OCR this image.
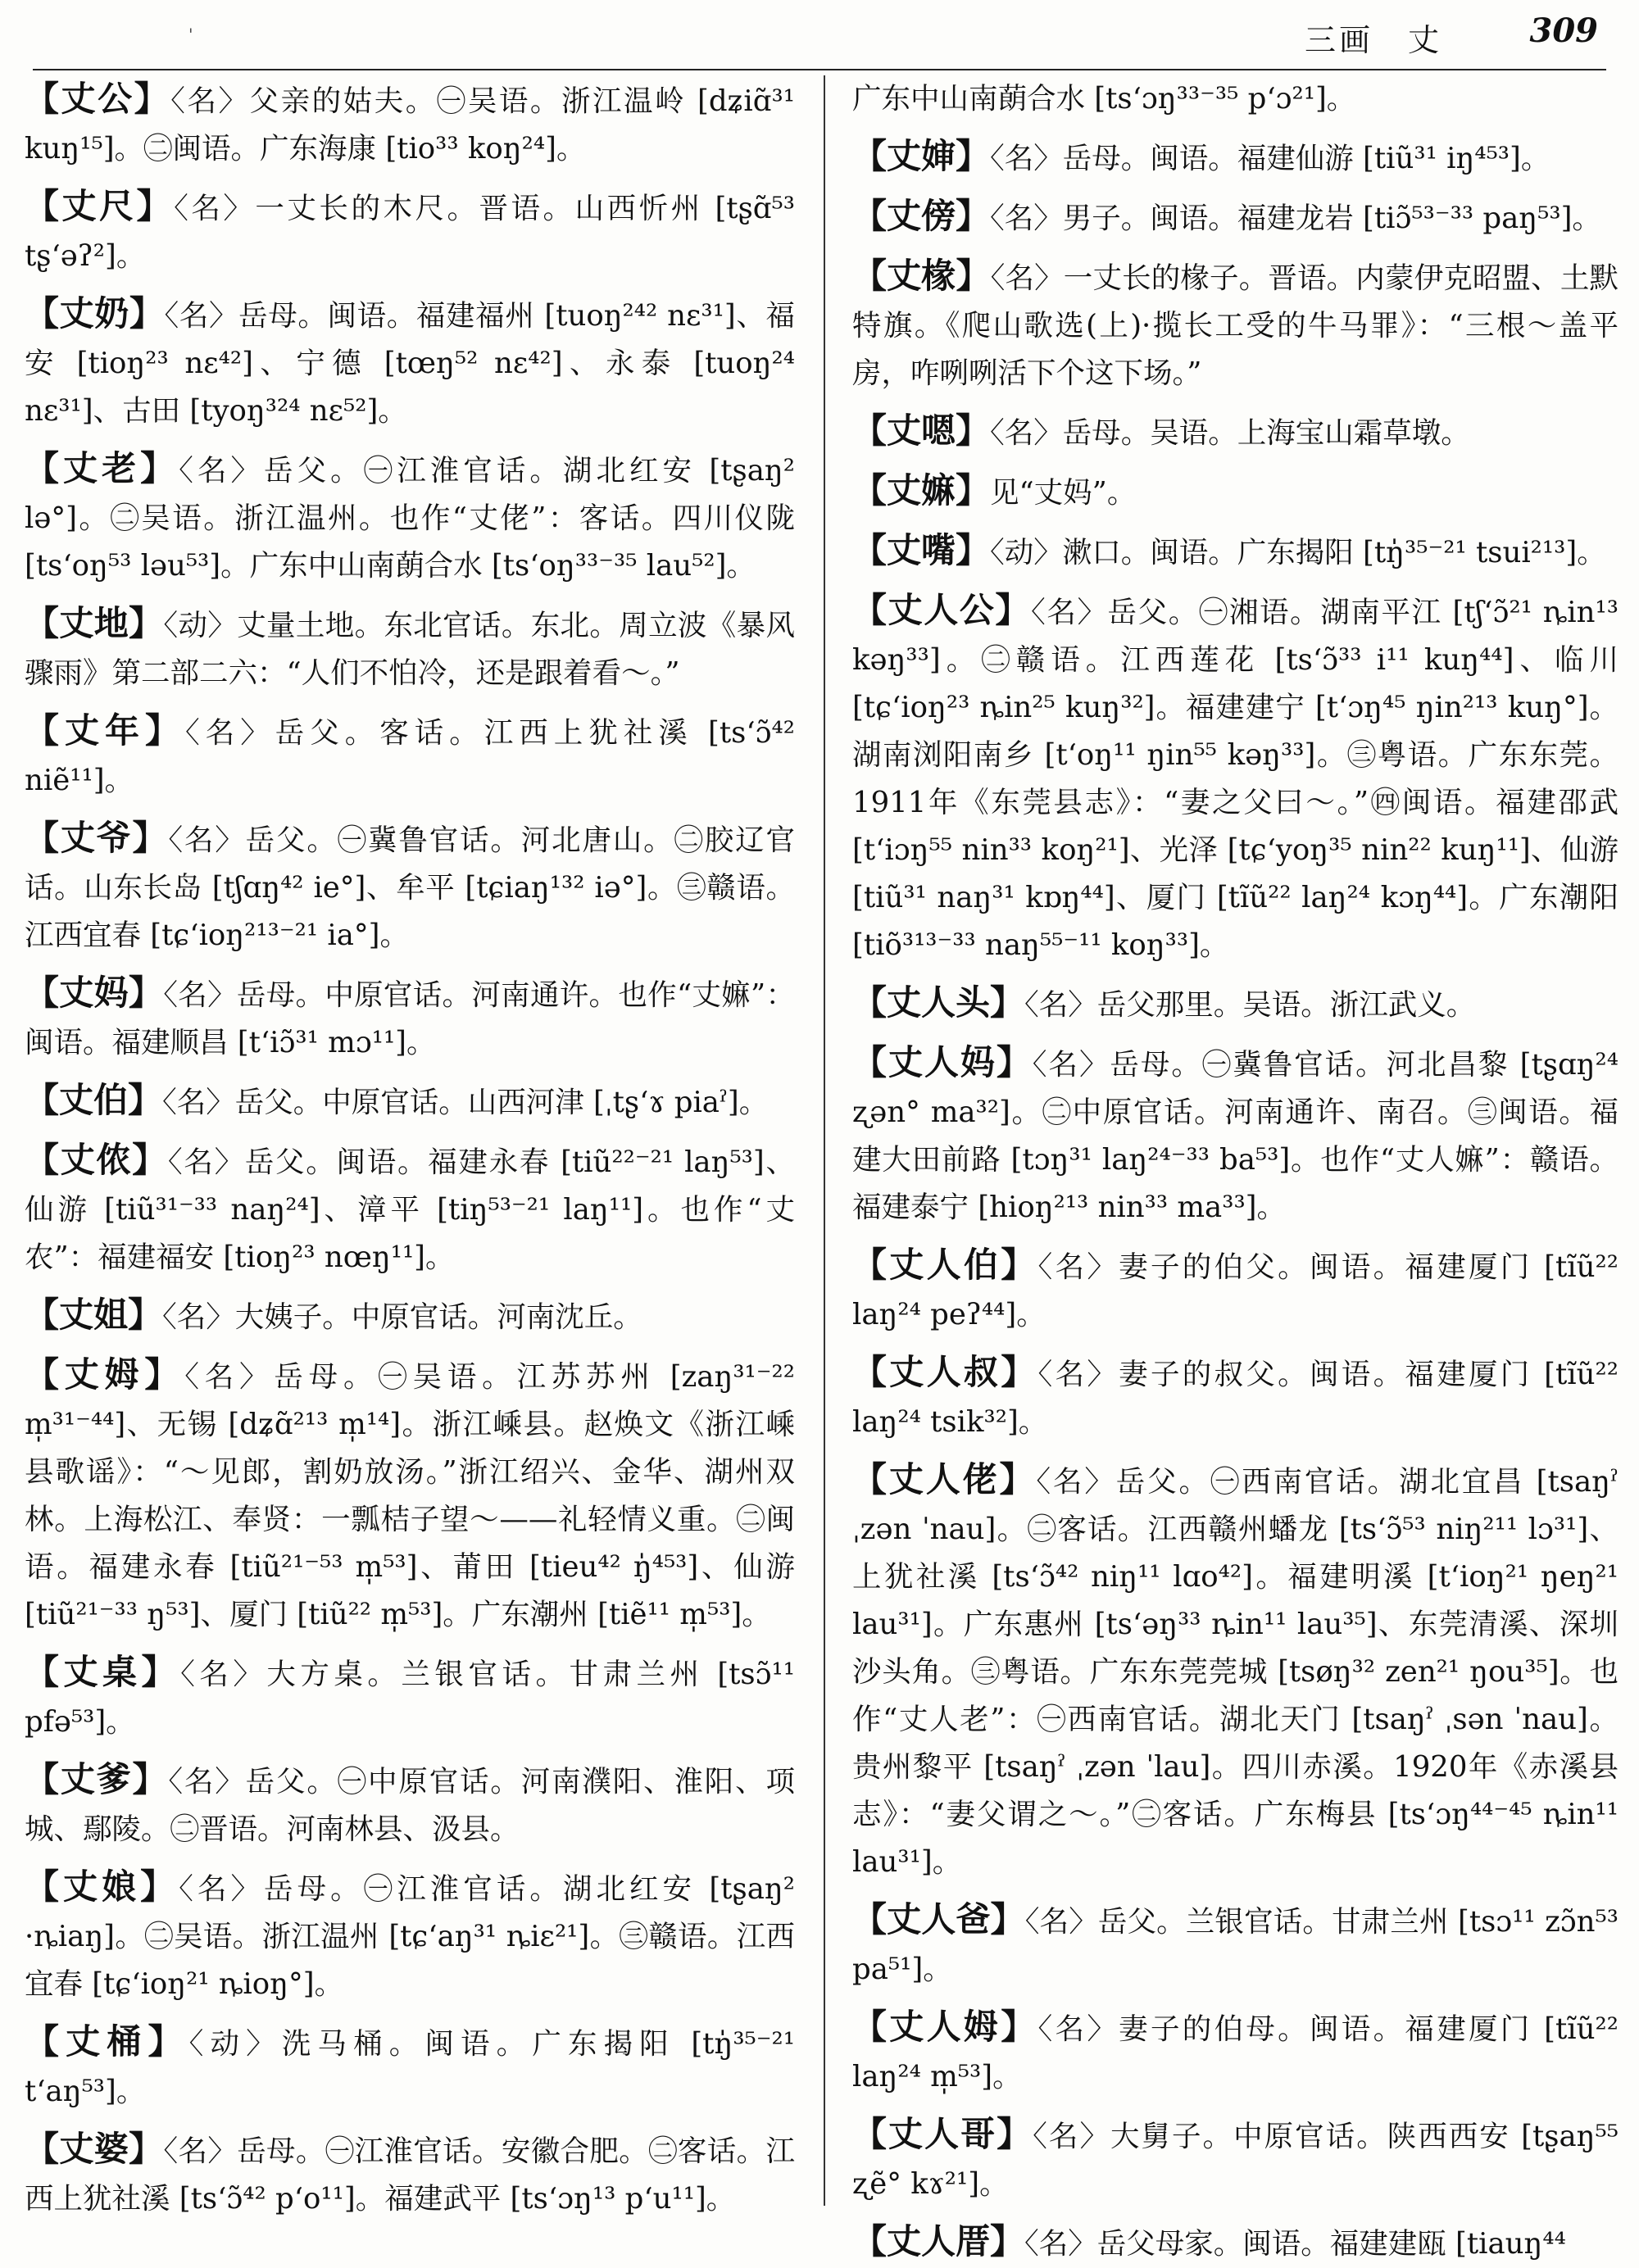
'	三画　丈	309

【丈公】〈名〉父亲的姑夫。㊀吴语。浙江温岭 [dʑiɑ̃³¹ kuŋ¹⁵]。㊁闽语。广东海康 [tio³³ koŋ²⁴]。

【丈尺】〈名〉一丈长的木尺。晋语。山西忻州 [tʂɑ̃⁵³ tʂʻəʔ²]。

【丈奶】〈名〉岳母。闽语。福建福州 [tuoŋ²⁴² nɛ³¹]、福安 [tioŋ²³ nɛ⁴²]、宁德 [tœŋ⁵² nɛ⁴²]、永泰 [tuoŋ²⁴ nɛ³¹]、古田 [tyoŋ³²⁴ nɛ⁵²]。

【丈老】〈名〉岳父。㊀江淮官话。湖北红安 [tʂaŋ² lə°]。㊁吴语。浙江温州。也作“丈佬”：客话。四川仪陇 [tsʻoŋ⁵³ ləu⁵³]。广东中山南蓢合水 [tsʻoŋ³³⁻³⁵ lau⁵²]。

【丈地】〈动〉丈量土地。东北官话。东北。周立波《暴风骤雨》第二部二六：“人们不怕冷，还是跟着看～。”

【丈年】〈名〉岳父。客话。江西上犹社溪 [tsʻɔ̃⁴² niẽ¹¹]。

【丈爷】〈名〉岳父。㊀冀鲁官话。河北唐山。㊁胶辽官话。山东长岛 [tʃɑŋ⁴² ie°]、牟平 [tɕiaŋ¹³² iə°]。㊂赣语。江西宜春 [tɕʻioŋ²¹³⁻²¹ ia°]。

【丈妈】〈名〉岳母。中原官话。河南通许。也作“丈嫲”：闽语。福建顺昌 [tʻiɔ̃³¹ mɔ¹¹]。

【丈伯】〈名〉岳父。中原官话。山西河津 [ˌtʂʻɤ piaˀ]。

【丈侬】〈名〉岳父。闽语。福建永春 [tiũ²²⁻²¹ laŋ⁵³]、仙游 [tiũ³¹⁻³³ naŋ²⁴]、漳平 [tiŋ⁵³⁻²¹ laŋ¹¹]。也作“丈农”：福建福安 [tioŋ²³ nœŋ¹¹]。

【丈姐】〈名〉大姨子。中原官话。河南沈丘。

【丈姆】〈名〉岳母。㊀吴语。江苏苏州 [zaŋ³¹⁻²² m̩³¹⁻⁴⁴]、无锡 [dʑɑ̃²¹³ m̩¹⁴]。浙江嵊县。赵焕文《浙江嵊县歌谣》：“～见郎，割奶放汤。”浙江绍兴、金华、湖州双林。上海松江、奉贤：一瓢桔子望～——礼轻情义重。㊁闽语。福建永春 [tiũ²¹⁻⁵³ m̩⁵³]、莆田 [tieu⁴² ŋ̍⁴⁵³]、仙游 [tiũ²¹⁻³³ ŋ⁵³]、厦门 [tiũ²² m̩⁵³]。广东潮州 [tiẽ¹¹ m̩⁵³]。

【丈桌】〈名〉大方桌。兰银官话。甘肃兰州 [tsɔ̃¹¹ pfə⁵³]。

【丈爹】〈名〉岳父。㊀中原官话。河南濮阳、淮阳、项城、鄢陵。㊁晋语。河南林县、汲县。

【丈娘】〈名〉岳母。㊀江淮官话。湖北红安 [tʂaŋ² ·ȵiaŋ]。㊁吴语。浙江温州 [tɕʻaŋ³¹ ȵiɛ²¹]。㊂赣语。江西宜春 [tɕʻioŋ²¹ ȵioŋ°]。

【丈桶】〈动〉洗马桶。闽语。广东揭阳 [tŋ̍³⁵⁻²¹ tʻaŋ⁵³]。

【丈婆】〈名〉岳母。㊀江淮官话。安徽合肥。㊁客话。江西上犹社溪 [tsʻɔ̃⁴² pʻo¹¹]。福建武平 [tsʻɔŋ¹³ pʻu¹¹]。

广东中山南蓢合水 [tsʻɔŋ³³⁻³⁵ pʻɔ²¹]。

【丈婶】〈名〉岳母。闽语。福建仙游 [tiũ³¹ iŋ⁴⁵³]。

【丈傍】〈名〉男子。闽语。福建龙岩 [tiɔ̃⁵³⁻³³ paŋ⁵³]。

【丈椽】〈名〉一丈长的椽子。晋语。内蒙伊克昭盟、土默特旗。《爬山歌选(上)·揽长工受的牛马罪》：“三根～盖平房，咋咧咧活下个这下场。”

【丈嗯】〈名〉岳母。吴语。上海宝山霜草墩。

【丈嫲】见“丈妈”。

【丈嘴】〈动〉漱口。闽语。广东揭阳 [tŋ̍³⁵⁻²¹ tsui²¹³]。

【丈人公】〈名〉岳父。㊀湘语。湖南平江 [tʃʻɔ̃²¹ ȵin¹³ kəŋ³³]。㊁赣语。江西莲花 [tsʻɔ̃³³ i¹¹ kuŋ⁴⁴]、临川 [tɕʻioŋ²³ ȵin²⁵ kuŋ³²]。福建建宁 [tʻɔŋ⁴⁵ ŋin²¹³ kuŋ°]。湖南浏阳南乡 [tʻoŋ¹¹ ŋin⁵⁵ kəŋ³³]。㊂粤语。广东东莞。1911年《东莞县志》：“妻之父曰～。”㊃闽语。福建邵武 [tʻiɔŋ⁵⁵ nin³³ koŋ²¹]、光泽 [tɕʻyoŋ³⁵ nin²² kuŋ¹¹]、仙游 [tiũ³¹ naŋ³¹ kɒŋ⁴⁴]、厦门 [tĩũ²² laŋ²⁴ kɔŋ⁴⁴]。广东潮阳 [tiõ³¹³⁻³³ naŋ⁵⁵⁻¹¹ koŋ³³]。

【丈人头】〈名〉岳父那里。吴语。浙江武义。

【丈人妈】〈名〉岳母。㊀冀鲁官话。河北昌黎 [tʂɑŋ²⁴ ʐən° ma³²]。㊁中原官话。河南通许、南召。㊂闽语。福建大田前路 [tɔŋ³¹ laŋ²⁴⁻³³ ba⁵³]。也作“丈人嫲”：赣语。福建泰宁 [hioŋ²¹³ nin³³ ma³³]。

【丈人伯】〈名〉妻子的伯父。闽语。福建厦门 [tĩũ²² laŋ²⁴ peʔ⁴⁴]。

【丈人叔】〈名〉妻子的叔父。闽语。福建厦门 [tĩũ²² laŋ²⁴ tsik³²]。

【丈人佬】〈名〉岳父。㊀西南官话。湖北宜昌 [tsaŋˀ ˌzən ˈnau]。㊁客话。江西赣州蟠龙 [tsʻɔ̃⁵³ niŋ²¹¹ lɔ³¹]、上犹社溪 [tsʻɔ̃⁴² niŋ¹¹ lɑo⁴²]。福建明溪 [tʻioŋ²¹ ŋeŋ²¹ lau³¹]。广东惠州 [tsʻəŋ³³ ȵin¹¹ lau³⁵]、东莞清溪、深圳沙头角。㊂粤语。广东东莞莞城 [tsøŋ³² zen²¹ ŋou³⁵]。也作“丈人老”：㊀西南官话。湖北天门 [tsaŋˀ ˌsən ˈnau]。贵州黎平 [tsaŋˀ ˌzən ˈlau]。四川赤溪。1920年《赤溪县志》：“妻父谓之～。”㊁客话。广东梅县 [tsʻɔŋ⁴⁴⁻⁴⁵ ȵin¹¹ lau³¹]。

【丈人爸】〈名〉岳父。兰银官话。甘肃兰州 [tsɔ¹¹ zɔ̃n⁵³ pa⁵¹]。

【丈人姆】〈名〉妻子的伯母。闽语。福建厦门 [tĩũ²² laŋ²⁴ m̩⁵³]。

【丈人哥】〈名〉大舅子。中原官话。陕西西安 [tʂaŋ⁵⁵ ʐẽ° kɤ²¹]。

【丈人厝】〈名〉岳父母家。闽语。福建建瓯 [tiauŋ⁴⁴
